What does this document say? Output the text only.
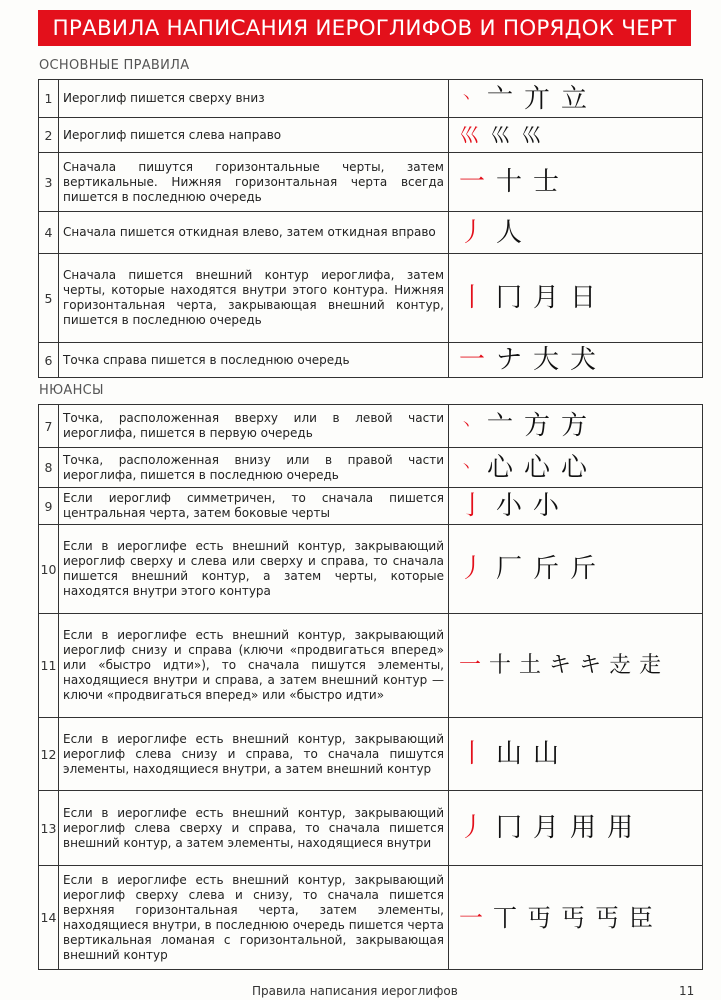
ПРАВИЛА НАПИСАНИЯ ИЕРОГЛИФОВ И ПОРЯДОК ЧЕРТ
ОСНОВНЫЕ ПРАВИЛА
1	Иероглиф пишется сверху вниз	丶 亠 亣 立
2	Иероглиф пишется слева направо	巛 巛 巛
3	Сначала пишутся горизонтальные черты, затем вертикальные. Нижняя горизонтальная черта всегда пишется в последнюю очередь	一 十 士
4	Сначала пишется откидная влево, затем откидная вправо	丿 人
5	Сначала пишется внешний контур иероглифа, затем черты, которые находятся внутри этого контура. Нижняя горизонтальная черта, закрывающая внешний контур, пишется в последнюю очередь	丨 冂 月 日
6	Точка справа пишется в последнюю очередь	一 ナ 大 犬
НЮАНСЫ
7	Точка, расположенная вверху или в левой части иероглифа, пишется в первую очередь	丶 亠 方 方
8	Точка, расположенная внизу или в правой части иероглифа, пишется в последнюю очередь	丶 心 心 心
9	Если иероглиф симметричен, то сначала пишется центральная черта, затем боковые черты	亅 小 小
10	Если в иероглифе есть внешний контур, закрывающий иероглиф сверху и слева или сверху и справа, то сначала пишется внешний контур, а затем черты, которые находятся внутри этого контура	丿 厂 斤 斤
11	Если в иероглифе есть внешний контур, закрывающий иероглиф снизу и справа (ключи «продвигаться вперед» или «быстро идти»), то сначала пишутся элементы, находящиеся внутри и справа, а затем внешний контур — ключи «продвигаться вперед» или «быстро идти»	一 十 土 キ キ 赱 走
12	Если в иероглифе есть внешний контур, закрывающий иероглиф слева снизу и справа, то сначала пишутся элементы, находящиеся внутри, а затем внешний контур	丨 山 山
13	Если в иероглифе есть внешний контур, закрывающий иероглиф слева сверху и справа, то сначала пишется внешний контур, а затем элементы, находящиеся внутри	丿 冂 月 用 用
14	Если в иероглифе есть внешний контур, закрывающий иероглиф сверху слева и снизу, то сначала пишется верхняя горизонтальная черта, затем элементы, находящиеся внутри, в последнюю очередь пишется черта вертикальная ломаная с горизонтальной, закрывающая внешний контур	一 丅 丏 丐 丐 臣
Правила написания иероглифов	11
